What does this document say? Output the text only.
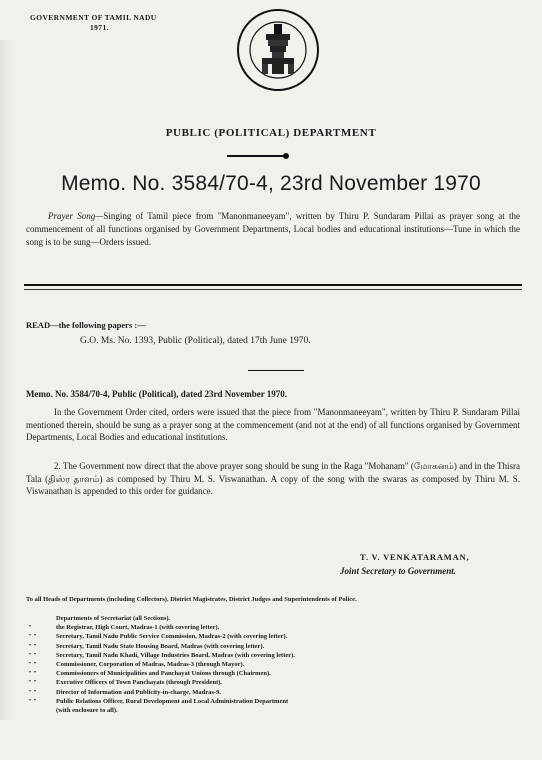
GOVERNMENT OF TAMIL NADU
1971.
PUBLIC (POLITICAL) DEPARTMENT
Memo. No. 3584/70-4, 23rd November 1970
Prayer Song—Singing of Tamil piece from "Manonmaneeyam", written by Thiru P. Sundaram Pillai as prayer song at the commencement of all functions organised by Government Departments, Local bodies and educational institutions—Tune in which the song is to be sung—Orders issued.
READ—the following papers :—
G.O. Ms. No. 1393, Public (Political), dated 17th June 1970.
Memo. No. 3584/70-4, Public (Political), dated 23rd November 1970.
In the Government Order cited, orders were issued that the piece from "Manonmaneeyam", written by Thiru P. Sundaram Pillai mentioned therein, should be sung as a prayer song at the commencement (and not at the end) of all functions organised by Government Departments, Local Bodies and educational institutions.
2. The Government now direct that the above prayer song should be sung in the Raga "Mohanam" (மோகனம்) and in the Thisra Tala (திஸ்ர தாளம்) as composed by Thiru M. S. Viswanathan. A copy of the song with the swaras as composed by Thiru M. S. Viswanathan is appended to this order for guidance.
T. V. VENKATARAMAN,
Joint Secretary to Government.
To all Heads of Departments (including Collectors), District Magistrates, District Judges and Superintendents of Police.
Departments of Secretariat (all Sections).
"	the Registrar, High Court, Madras-1 (with covering letter).
" "	Secretary, Tamil Nadu Public Service Commission, Madras-2 (with covering letter).
" "	Secretary, Tamil Nadu State Housing Board, Madras (with covering letter).
" "	Secretary, Tamil Nadu Khadi, Village Industries Board, Madras (with covering letter).
" "	Commissioner, Corporation of Madras, Madras-3 (through Mayor).
" "	Commissioners of Municipalities and Panchayat Unions through (Chairmen).
" "	Executive Officers of Town Panchayats (through President).
" "	Director of Information and Publicity-in-charge, Madras-9.
" "	Public Relations Officer, Rural Development and Local Administration Department
(with enclosure to all).
